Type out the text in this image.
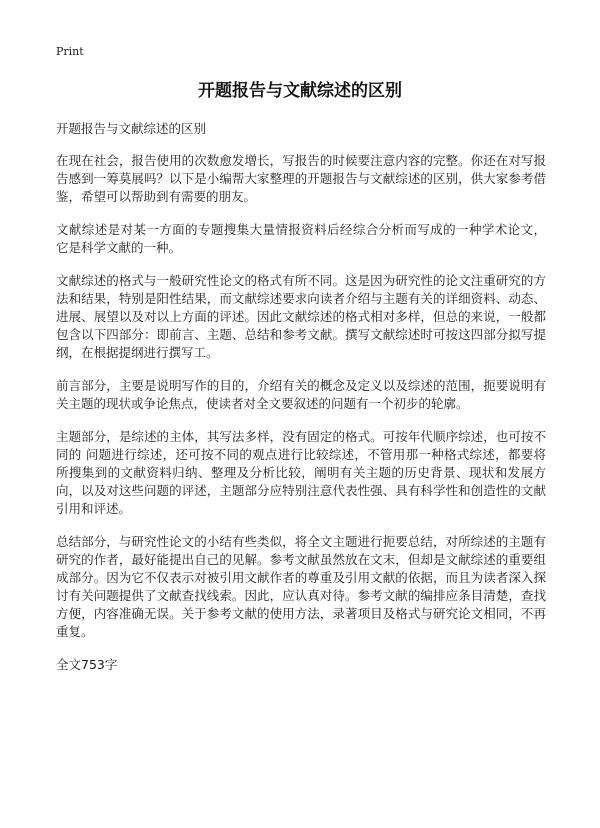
Print
开题报告与文献综述的区别

开题报告与文献综述的区别

在现在社会，报告使用的次数愈发增长，写报告的时候要注意内容的完整。你还在对写报告感到一筹莫展吗？以下是小编帮大家整理的开题报告与文献综述的区别，供大家参考借鉴，希望可以帮助到有需要的朋友。

文献综述是对某一方面的专题搜集大量情报资料后经综合分析而写成的一种学术论文， 它是科学文献的一种。

文献综述的格式与一般研究性论文的格式有所不同。这是因为研究性的论文注重研究的方法和结果，特别是阳性结果，而文献综述要求向读者介绍与主题有关的详细资料、动态、进展、展望以及对以上方面的评述。因此文献综述的格式相对多样，但总的来说，一般都包含以下四部分：即前言、主题、总结和参考文献。撰写文献综述时可按这四部分拟写提纲，在根据提纲进行撰写工。

前言部分，主要是说明写作的目的，介绍有关的概念及定义以及综述的范围，扼要说明有关主题的现状或争论焦点，使读者对全文要叙述的问题有一个初步的轮廓。

主题部分，是综述的主体，其写法多样，没有固定的格式。可按年代顺序综述，也可按不同的 问题进行综述，还可按不同的观点进行比较综述，不管用那一种格式综述，都要将所搜集到的文献资料归纳、整理及分析比较，阐明有关主题的历史背景、现状和发展方向，以及对这些问题的评述，主题部分应特别注意代表性强、具有科学性和创造性的文献引用和评述。

总结部分，与研究性论文的小结有些类似，将全文主题进行扼要总结，对所综述的主题有研究的作者，最好能提出自己的见解。参考文献虽然放在文末，但却是文献综述的重要组成部分。因为它不仅表示对被引用文献作者的尊重及引用文献的依据，而且为读者深入探讨有关问题提供了文献查找线索。因此，应认真对待。参考文献的编排应条目清楚，查找方便，内容准确无误。关于参考文献的使用方法，录著项目及格式与研究论文相同，不再重复。

全文753字
